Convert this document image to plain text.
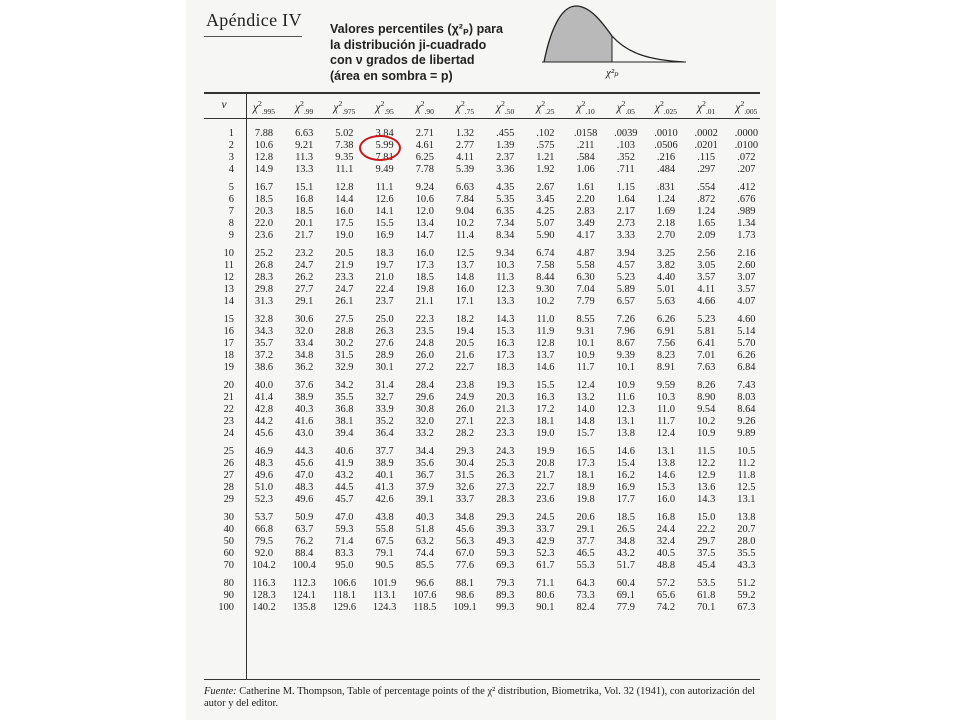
Apéndice IV Valores percentiles (χ²ₚ) para
la distribución ji-cuadrado
con ν grados de libertad
(área en sombra = p)	χ²ₚ
ν	$\chi^2_{.995}$	$\chi^2_{.99}$	$\chi^2_{.975}$	$\chi^2_{.95}$	$\chi^2_{.90}$	$\chi^2_{.75}$	$\chi^2_{.50}$	$\chi^2_{.25}$	$\chi^2_{.10}$	$\chi^2_{.05}$	$\chi^2_{.025}$	$\chi^2_{.01}$	$\chi^2_{.005}$
1	7.88	6.63	5.02	3.84	2.71	1.32	.455	.102	.0158	.0039	.0010	.0002	.0000
2	10.6	9.21	7.38	5.99	4.61	2.77	1.39	.575	.211	.103	.0506	.0201	.0100
3	12.8	11.3	9.35	7.81	6.25	4.11	2.37	1.21	.584	.352	.216	.115	.072
4	14.9	13.3	11.1	9.49	7.78	5.39	3.36	1.92	1.06	.711	.484	.297	.207
5	16.7	15.1	12.8	11.1	9.24	6.63	4.35	2.67	1.61	1.15	.831	.554	.412
6	18.5	16.8	14.4	12.6	10.6	7.84	5.35	3.45	2.20	1.64	1.24	.872	.676
7	20.3	18.5	16.0	14.1	12.0	9.04	6.35	4.25	2.83	2.17	1.69	1.24	.989
8	22.0	20.1	17.5	15.5	13.4	10.2	7.34	5.07	3.49	2.73	2.18	1.65	1.34
9	23.6	21.7	19.0	16.9	14.7	11.4	8.34	5.90	4.17	3.33	2.70	2.09	1.73
10	25.2	23.2	20.5	18.3	16.0	12.5	9.34	6.74	4.87	3.94	3.25	2.56	2.16
11	26.8	24.7	21.9	19.7	17.3	13.7	10.3	7.58	5.58	4.57	3.82	3.05	2.60
12	28.3	26.2	23.3	21.0	18.5	14.8	11.3	8.44	6.30	5.23	4.40	3.57	3.07
13	29.8	27.7	24.7	22.4	19.8	16.0	12.3	9.30	7.04	5.89	5.01	4.11	3.57
14	31.3	29.1	26.1	23.7	21.1	17.1	13.3	10.2	7.79	6.57	5.63	4.66	4.07
15	32.8	30.6	27.5	25.0	22.3	18.2	14.3	11.0	8.55	7.26	6.26	5.23	4.60
16	34.3	32.0	28.8	26.3	23.5	19.4	15.3	11.9	9.31	7.96	6.91	5.81	5.14
17	35.7	33.4	30.2	27.6	24.8	20.5	16.3	12.8	10.1	8.67	7.56	6.41	5.70
18	37.2	34.8	31.5	28.9	26.0	21.6	17.3	13.7	10.9	9.39	8.23	7.01	6.26
19	38.6	36.2	32.9	30.1	27.2	22.7	18.3	14.6	11.7	10.1	8.91	7.63	6.84
20	40.0	37.6	34.2	31.4	28.4	23.8	19.3	15.5	12.4	10.9	9.59	8.26	7.43
21	41.4	38.9	35.5	32.7	29.6	24.9	20.3	16.3	13.2	11.6	10.3	8.90	8.03
22	42.8	40.3	36.8	33.9	30.8	26.0	21.3	17.2	14.0	12.3	11.0	9.54	8.64
23	44.2	41.6	38.1	35.2	32.0	27.1	22.3	18.1	14.8	13.1	11.7	10.2	9.26
24	45.6	43.0	39.4	36.4	33.2	28.2	23.3	19.0	15.7	13.8	12.4	10.9	9.89
25	46.9	44.3	40.6	37.7	34.4	29.3	24.3	19.9	16.5	14.6	13.1	11.5	10.5
26	48.3	45.6	41.9	38.9	35.6	30.4	25.3	20.8	17.3	15.4	13.8	12.2	11.2
27	49.6	47.0	43.2	40.1	36.7	31.5	26.3	21.7	18.1	16.2	14.6	12.9	11.8
28	51.0	48.3	44.5	41.3	37.9	32.6	27.3	22.7	18.9	16.9	15.3	13.6	12.5
29	52.3	49.6	45.7	42.6	39.1	33.7	28.3	23.6	19.8	17.7	16.0	14.3	13.1
30	53.7	50.9	47.0	43.8	40.3	34.8	29.3	24.5	20.6	18.5	16.8	15.0	13.8
40	66.8	63.7	59.3	55.8	51.8	45.6	39.3	33.7	29.1	26.5	24.4	22.2	20.7
50	79.5	76.2	71.4	67.5	63.2	56.3	49.3	42.9	37.7	34.8	32.4	29.7	28.0
60	92.0	88.4	83.3	79.1	74.4	67.0	59.3	52.3	46.5	43.2	40.5	37.5	35.5
70	104.2	100.4	95.0	90.5	85.5	77.6	69.3	61.7	55.3	51.7	48.8	45.4	43.3
80	116.3	112.3	106.6	101.9	96.6	88.1	79.3	71.1	64.3	60.4	57.2	53.5	51.2
90	128.3	124.1	118.1	113.1	107.6	98.6	89.3	80.6	73.3	69.1	65.6	61.8	59.2
100	140.2	135.8	129.6	124.3	118.5	109.1	99.3	90.1	82.4	77.9	74.2	70.1	67.3
Fuente: Catherine M. Thompson, Table of percentage points of the χ² distribution, Biometrika, Vol. 32 (1941), con autorización del autor y del editor.
